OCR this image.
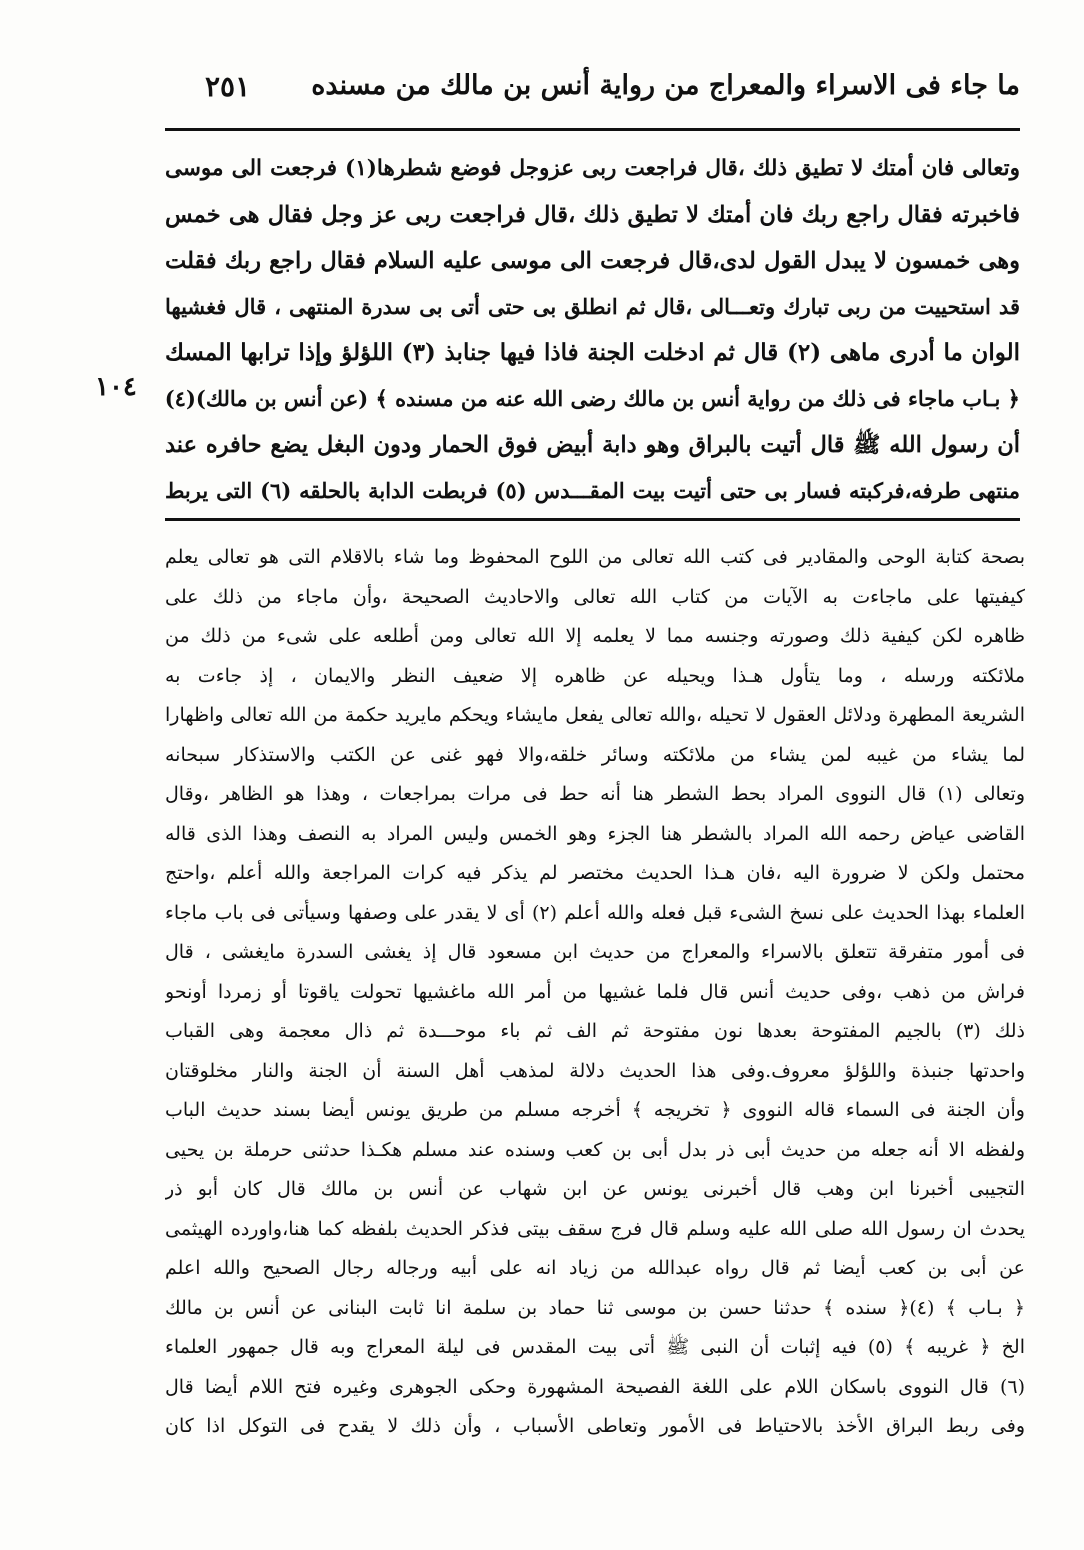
ما جاء فى الاسراء والمعراج من رواية أنس بن مالك من مسنده
٢٥١
وتعالى فان أمتك لا تطيق ذلك ،قال فراجعت ربى عزوجل فوضع شطرها(١) فرجعت الى موسى
فاخبرته فقال راجع ربك فان أمتك لا تطيق ذلك ،قال فراجعت ربى عز وجل فقال هى خمس
وهى خمسون لا يبدل القول لدى،قال فرجعت الى موسى عليه السلام فقال راجع ربك فقلت
قد استحييت من ربى تبارك وتعـــالى ،قال ثم انطلق بى حتى أتى بى سدرة المنتهى ، قال فغشيها
الوان ما أدرى ماهى (٢) قال ثم ادخلت الجنة فاذا فيها جنابذ (٣) اللؤلؤ وإذا ترابها المسك
﴿ بـاب ماجاء فى ذلك من رواية أنس بن مالك رضى الله عنه من مسنده ﴾ (عن أنس بن مالك)(٤)
أن رسول الله ﷺ قال أتيت بالبراق وهو دابة أبيض فوق الحمار ودون البغل يضع حافره عند
منتهى طرفه،فركبته فسار بى حتى أتيت بيت المقـــدس (٥) فربطت الدابة بالحلقه (٦) التى يربط
١٠٤
بصحة كتابة الوحى والمقادير فى كتب الله تعالى من اللوح المحفوظ وما شاء بالاقلام التى هو تعالى يعلم
كيفيتها على ماجاءت به الآيات من كتاب الله تعالى والاحاديث الصحيحة ،وأن ماجاء من ذلك على
ظاهره لكن كيفية ذلك وصورته وجنسه مما لا يعلمه إلا الله تعالى ومن أطلعه على شىء من ذلك من
ملائكته ورسله ، وما يتأول هـذا ويحيله عن ظاهره إلا ضعيف النظر والايمان ، إذ جاءت به
الشريعة المطهرة ودلائل العقول لا تحيله ،والله تعالى يفعل مايشاء ويحكم مايريد حكمة من الله تعالى واظهارا
لما يشاء من غيبه لمن يشاء من ملائكته وسائر خلقه،والا فهو غنى عن الكتب والاستذكار سبحانه
وتعالى (١) قال النووى المراد بحط الشطر هنا أنه حط فى مرات بمراجعات ، وهذا هو الظاهر ،وقال
القاضى عياض رحمه الله المراد بالشطر هنا الجزء وهو الخمس وليس المراد به النصف وهذا الذى قاله
محتمل ولكن لا ضرورة اليه ،فان هـذا الحديث مختصر لم يذكر فيه كرات المراجعة والله أعلم ،واحتج
العلماء بهذا الحديث على نسخ الشىء قبل فعله والله أعلم (٢) أى لا يقدر على وصفها وسيأتى فى باب ماجاء
فى أمور متفرقة تتعلق بالاسراء والمعراج من حديث ابن مسعود قال إذ يغشى السدرة مايغشى ، قال
فراش من ذهب ،وفى حديث أنس قال فلما غشيها من أمر الله ماغشيها تحولت ياقوتا أو زمردا أونحو
ذلك (٣) بالجيم المفتوحة بعدها نون مفتوحة ثم الف ثم باء موحـــدة ثم ذال معجمة وهى القباب
واحدتها جنبذة واللؤلؤ معروف.وفى هذا الحديث دلالة لمذهب أهل السنة أن الجنة والنار مخلوقتان
وأن الجنة فى السماء قاله النووى ﴿ تخريجه ﴾ أخرجه مسلم من طريق يونس أيضا بسند حديث الباب
ولفظه الا أنه جعله من حديث أبى ذر بدل أبى بن كعب وسنده عند مسلم هكـذا حدثنى حرملة بن يحيى
التجيبى أخبرنا ابن وهب قال أخبرنى يونس عن ابن شهاب عن أنس بن مالك قال كان أبو ذر
يحدث ان رسول الله صلى الله عليه وسلم قال فرج سقف بيتى فذكر الحديث بلفظه كما هنا،واورده الهيثمى
عن أبى بن كعب أيضا ثم قال رواه عبدالله من زياد انه على أبيه ورجاله رجال الصحيح والله اعلم
﴿ بـاب ﴾ (٤)﴿ سنده ﴾ حدثنا حسن بن موسى ثنا حماد بن سلمة انا ثابت البنانى عن أنس بن مالك
الخ ﴿ غريبه ﴾ (٥) فيه إثبات أن النبى ﷺ أتى بيت المقدس فى ليلة المعراج وبه قال جمهور العلماء
(٦) قال النووى باسكان اللام على اللغة الفصيحة المشهورة وحكى الجوهرى وغيره فتح اللام أيضا قال
وفى ربط البراق الأخذ بالاحتياط فى الأمور وتعاطى الأسباب ، وأن ذلك لا يقدح فى التوكل اذا كان
